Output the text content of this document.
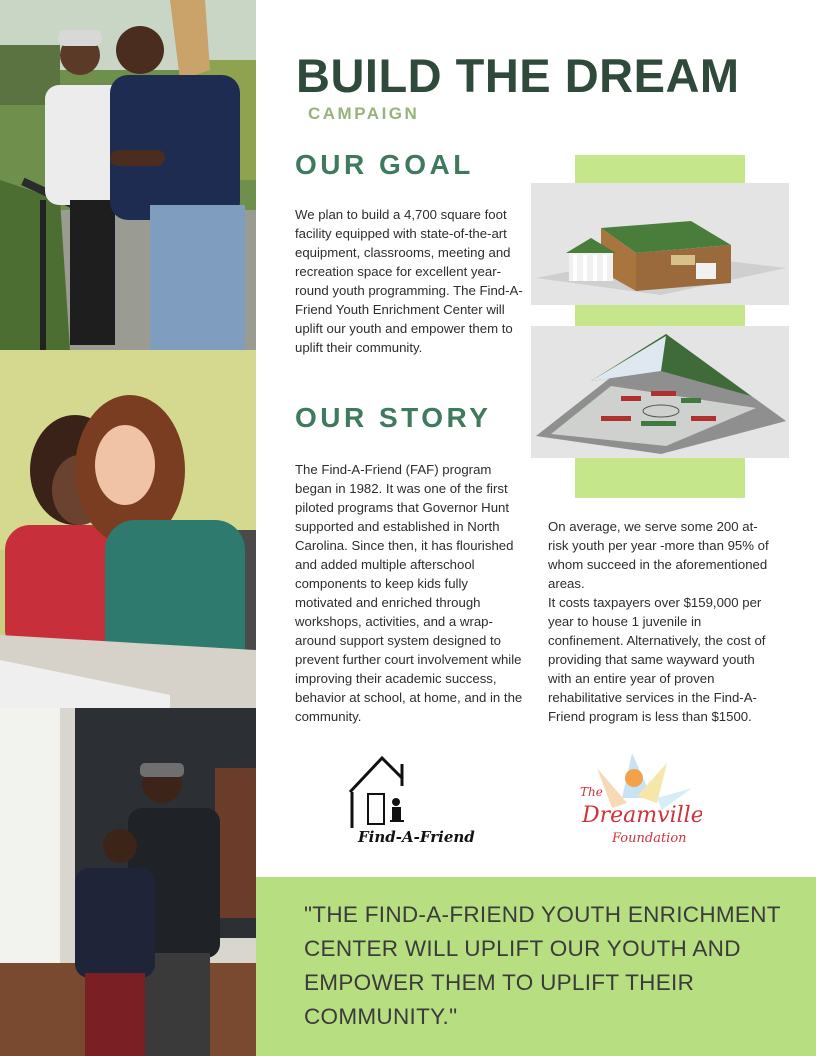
BUILD THE DREAM
CAMPAIGN
OUR GOAL

We plan to build a 4,700 square foot facility equipped with state-of-the-art equipment, classrooms, meeting and recreation space for excellent year-round youth programming. The Find-A-Friend Youth Enrichment Center will uplift our youth and empower them to uplift their community.

OUR STORY

The Find-A-Friend (FAF) program began in 1982. It was one of the first piloted programs that Governor Hunt supported and established in North Carolina. Since then, it has flourished and added multiple afterschool components to keep kids fully motivated and enriched through workshops, activities, and a wrap-around support system designed to prevent further court involvement while improving their academic success, behavior at school, at home, and in the community.

On average, we serve some 200 at-risk youth per year -more than 95% of whom succeed in the aforementioned areas.

It costs taxpayers over $159,000 per year to house 1 juvenile in confinement. Alternatively, the cost of providing that same wayward youth with an entire year of proven rehabilitative services in the Find-A-Friend program is less than $1500.

Find-A-Friend
The
Dreamville
Foundation
"THE FIND-A-FRIEND YOUTH ENRICHMENT CENTER WILL UPLIFT OUR YOUTH AND EMPOWER THEM TO UPLIFT THEIR COMMUNITY."
